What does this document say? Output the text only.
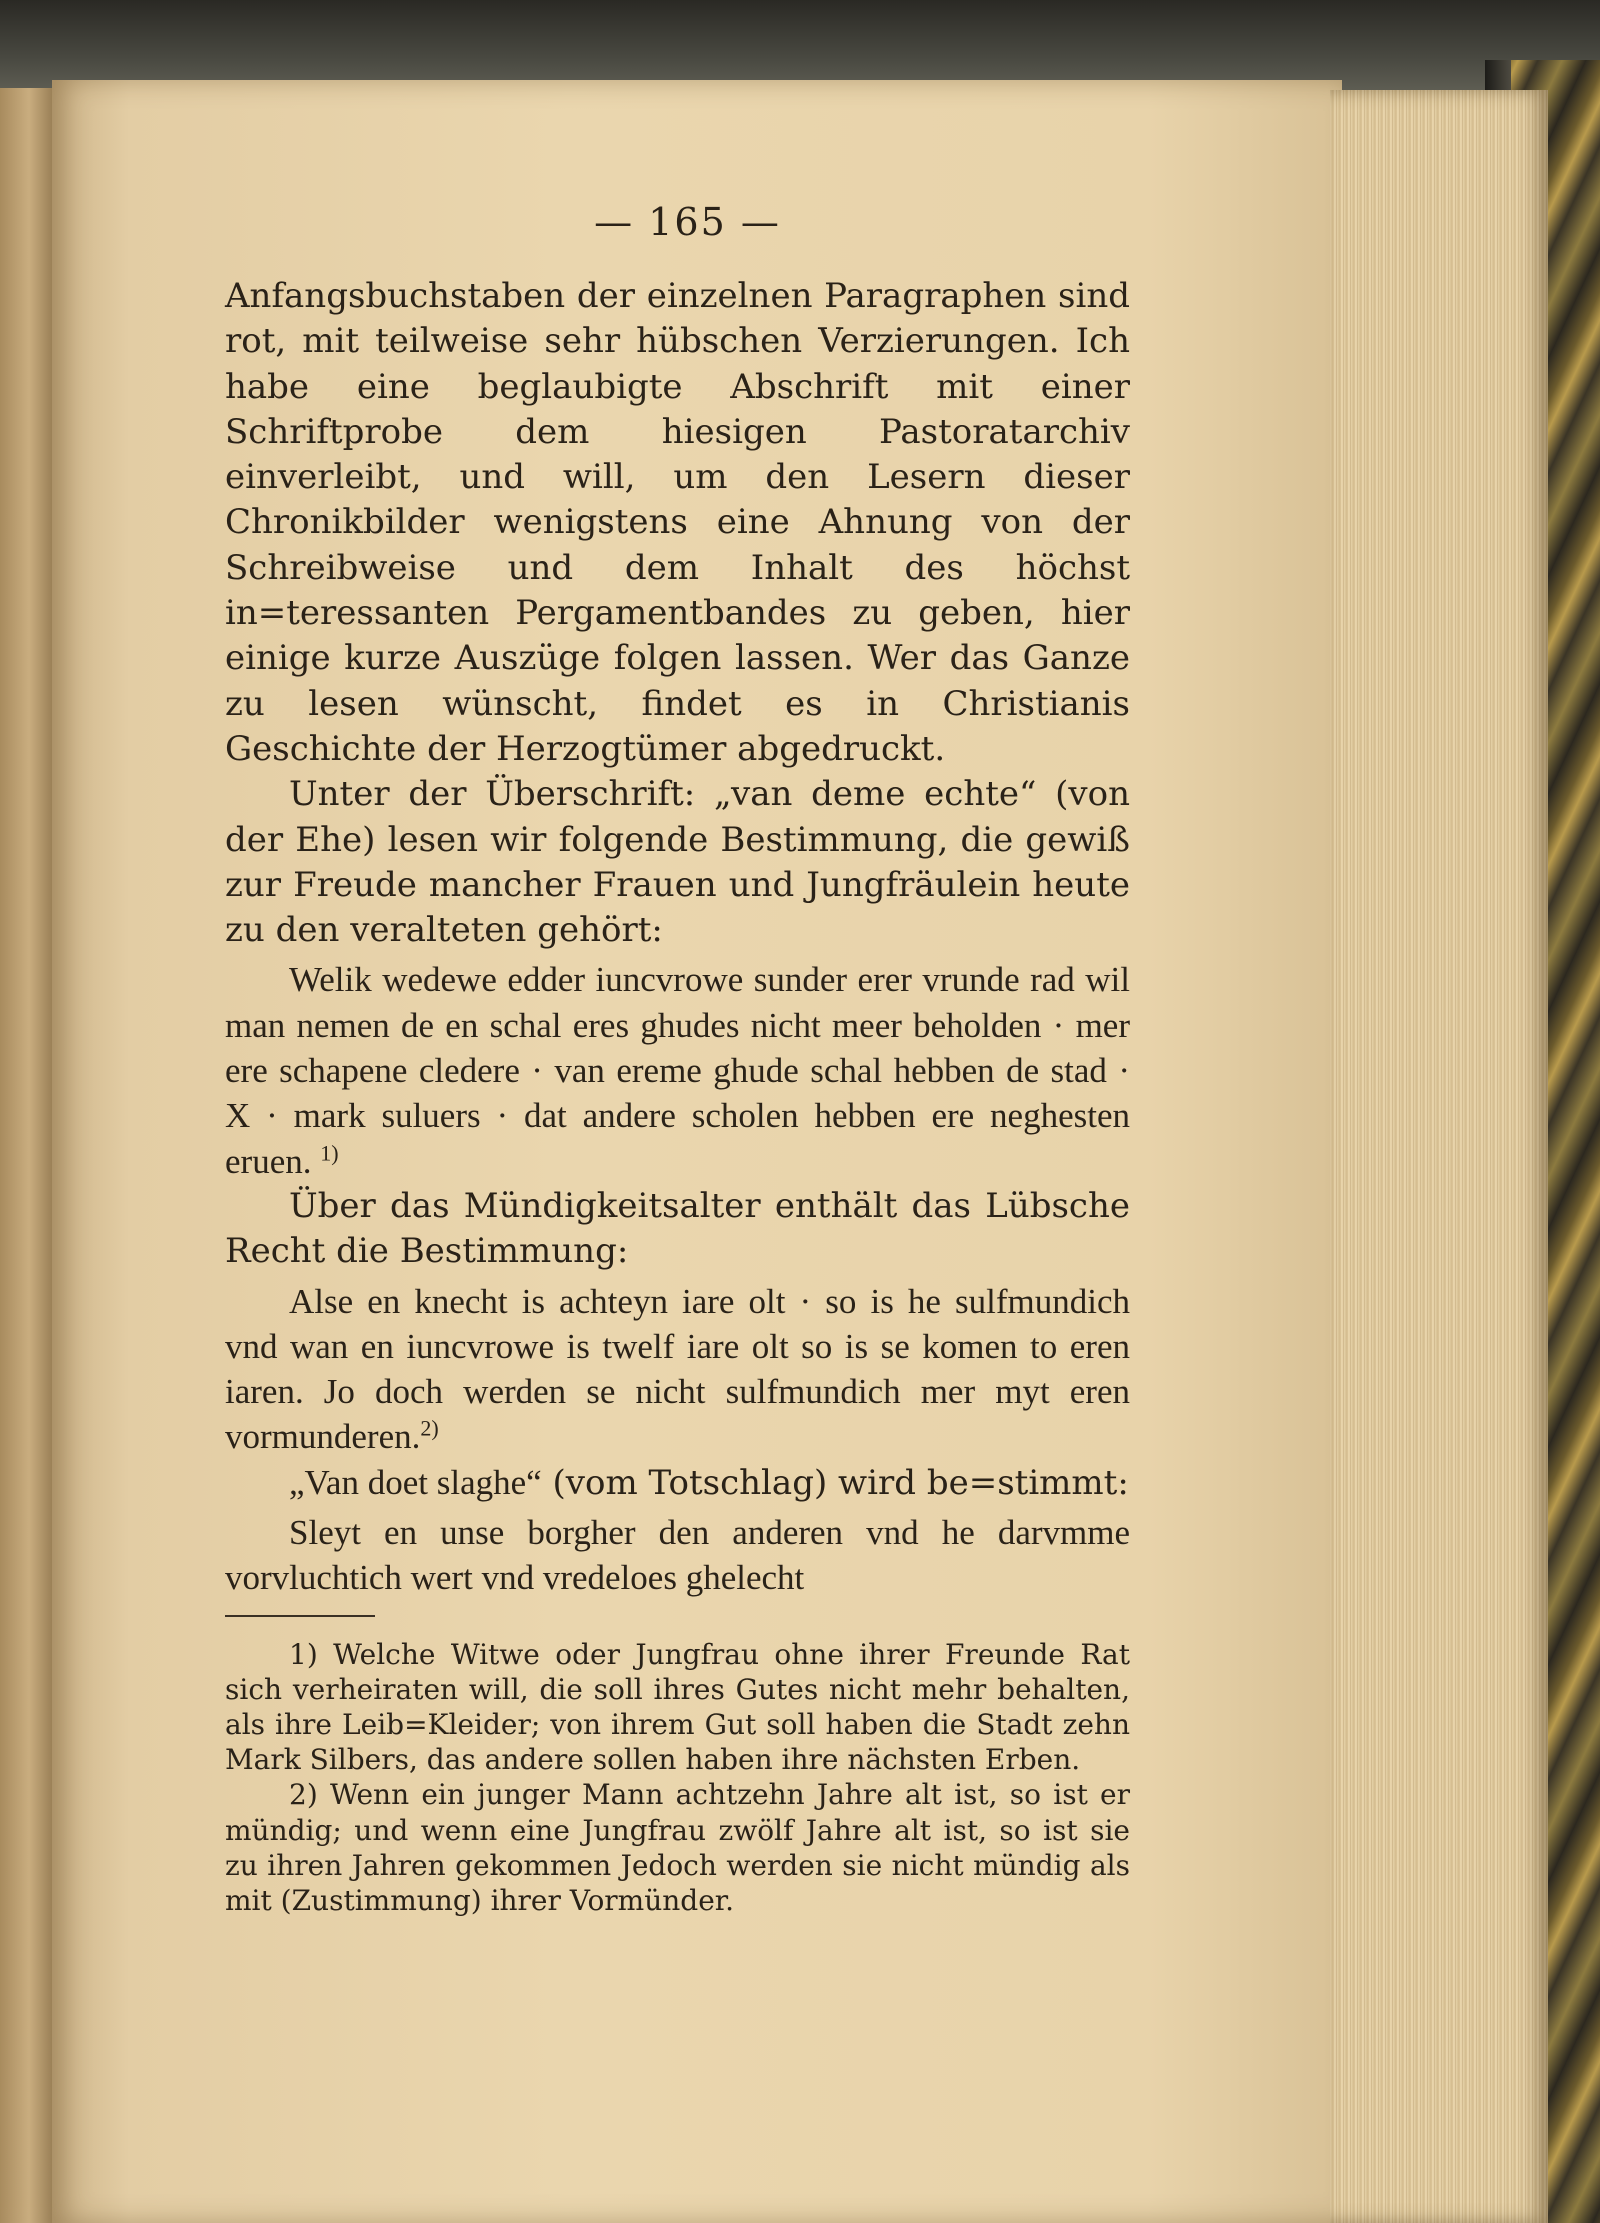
— 165 —

Anfangsbuchstaben der einzelnen Paragraphen sind rot, mit teilweise sehr hübschen Verzierungen. Ich habe eine beglaubigte Abschrift mit einer Schriftprobe dem hiesigen Pastoratarchiv einverleibt, und will, um den Lesern dieser Chronikbilder wenigstens eine Ahnung von der Schreibweise und dem Inhalt des höchst in=teressanten Pergamentbandes zu geben, hier einige kurze Auszüge folgen lassen. Wer das Ganze zu lesen wünscht, findet es in Christianis Geschichte der Herzogtümer abgedruckt.

Unter der Überschrift: „van deme echte“ (von der Ehe) lesen wir folgende Bestimmung, die gewiß zur Freude mancher Frauen und Jungfräulein heute zu den veralteten gehört:

Welik wedewe edder iuncvrowe sunder erer vrunde rad wil man nemen de en schal eres ghudes nicht meer beholden · mer ere schapene cledere · van ereme ghude schal hebben de stad · X · mark suluers · dat andere scholen hebben ere neghesten eruen. $^{1)}$

Über das Mündigkeitsalter enthält das Lübsche Recht die Bestimmung:

Alse en knecht is achteyn iare olt · so is he sulfmundich vnd wan en iuncvrowe is twelf iare olt so is se komen to eren iaren. Jo doch werden se nicht sulfmundich mer myt eren vormunderen.$^{2)}$

„Van doet slaghe“ (vom Totschlag) wird be=stimmt:

Sleyt en unse borgher den anderen vnd he darvmme vorvluchtich wert vnd vredeloes ghelecht

1) Welche Witwe oder Jungfrau ohne ihrer Freunde Rat sich verheiraten will, die soll ihres Gutes nicht mehr behalten, als ihre Leib=Kleider; von ihrem Gut soll haben die Stadt zehn Mark Silbers, das andere sollen haben ihre nächsten Erben.

2) Wenn ein junger Mann achtzehn Jahre alt ist, so ist er mündig; und wenn eine Jungfrau zwölf Jahre alt ist, so ist sie zu ihren Jahren gekommen Jedoch werden sie nicht mündig als mit (Zustimmung) ihrer Vormünder.
